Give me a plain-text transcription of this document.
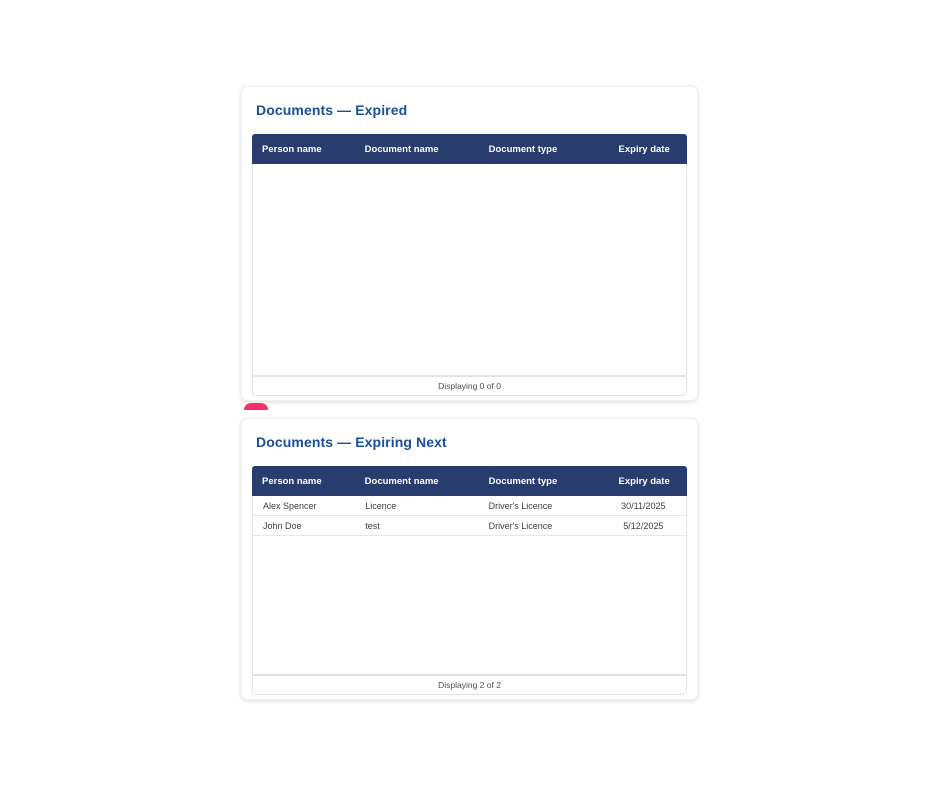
Documents — Expired
Person name	Document name	Document type	Expiry date
Displaying 0 of 0
Documents — Expiring Next
Person name	Document name	Document type	Expiry date
Alex Spencer	Licence	Driver's Licence	30/11/2025
John Doe	test	Driver's Licence	5/12/2025
Displaying 2 of 2
